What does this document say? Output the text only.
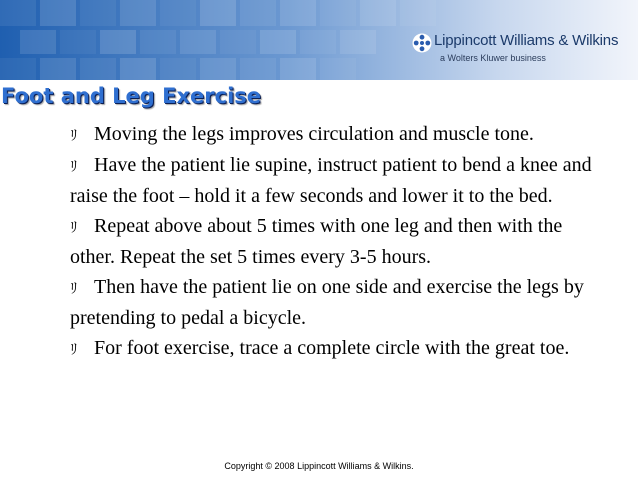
Lippincott Williams & Wilkins
a Wolters Kluwer business
Foot and Leg Exercise

ﾘ Moving the legs improves circulation and muscle tone.

ﾘ Have the patient lie supine, instruct patient to bend a knee and raise the foot – hold it a few seconds and lower it to the bed.

ﾘ Repeat above about 5 times with one leg and then with the other. Repeat the set 5 times every 3-5 hours.

ﾘ Then have the patient lie on one side and exercise the legs by pretending to pedal a bicycle.

ﾘ For foot exercise, trace a complete circle with the great toe.

Copyright © 2008 Lippincott Williams & Wilkins.
